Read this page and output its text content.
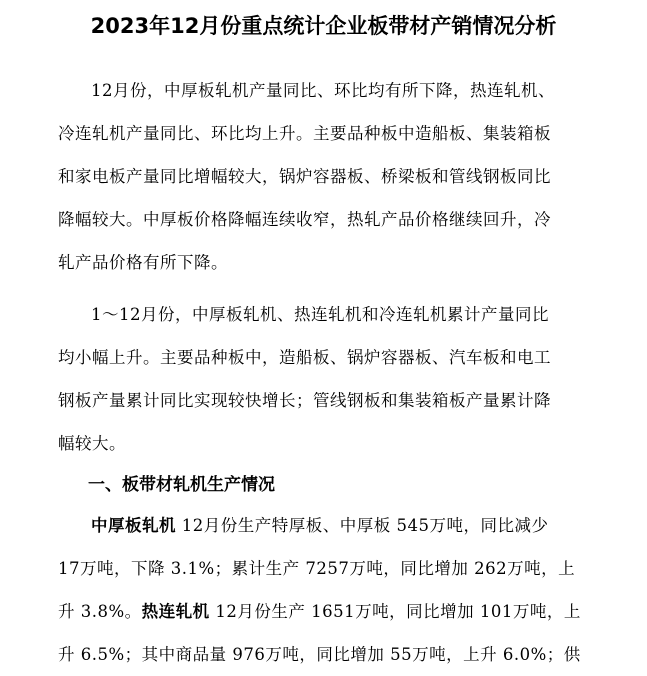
2023年12月份重点统计企业板带材产销情况分析

12月份，中厚板轧机产量同比、环比均有所下降，热连轧机、
冷连轧机产量同比、环比均上升。主要品种板中造船板、集装箱板
和家电板产量同比增幅较大，锅炉容器板、桥梁板和管线钢板同比
降幅较大。中厚板价格降幅连续收窄，热轧产品价格继续回升，冷
轧产品价格有所下降。

1～12月份，中厚板轧机、热连轧机和冷连轧机累计产量同比
均小幅上升。主要品种板中，造船板、锅炉容器板、汽车板和电工
钢板产量累计同比实现较快增长；管线钢板和集装箱板产量累计降
幅较大。

一、板带材轧机生产情况

中厚板轧机 12月份生产特厚板、中厚板 545万吨，同比减少
17万吨，下降 3.1%；累计生产 7257万吨，同比增加 262万吨，上
升 3.8%。热连轧机 12月份生产 1651万吨，同比增加 101万吨，上
升 6.5%；其中商品量 976万吨，同比增加 55万吨，上升 6.0%；供
